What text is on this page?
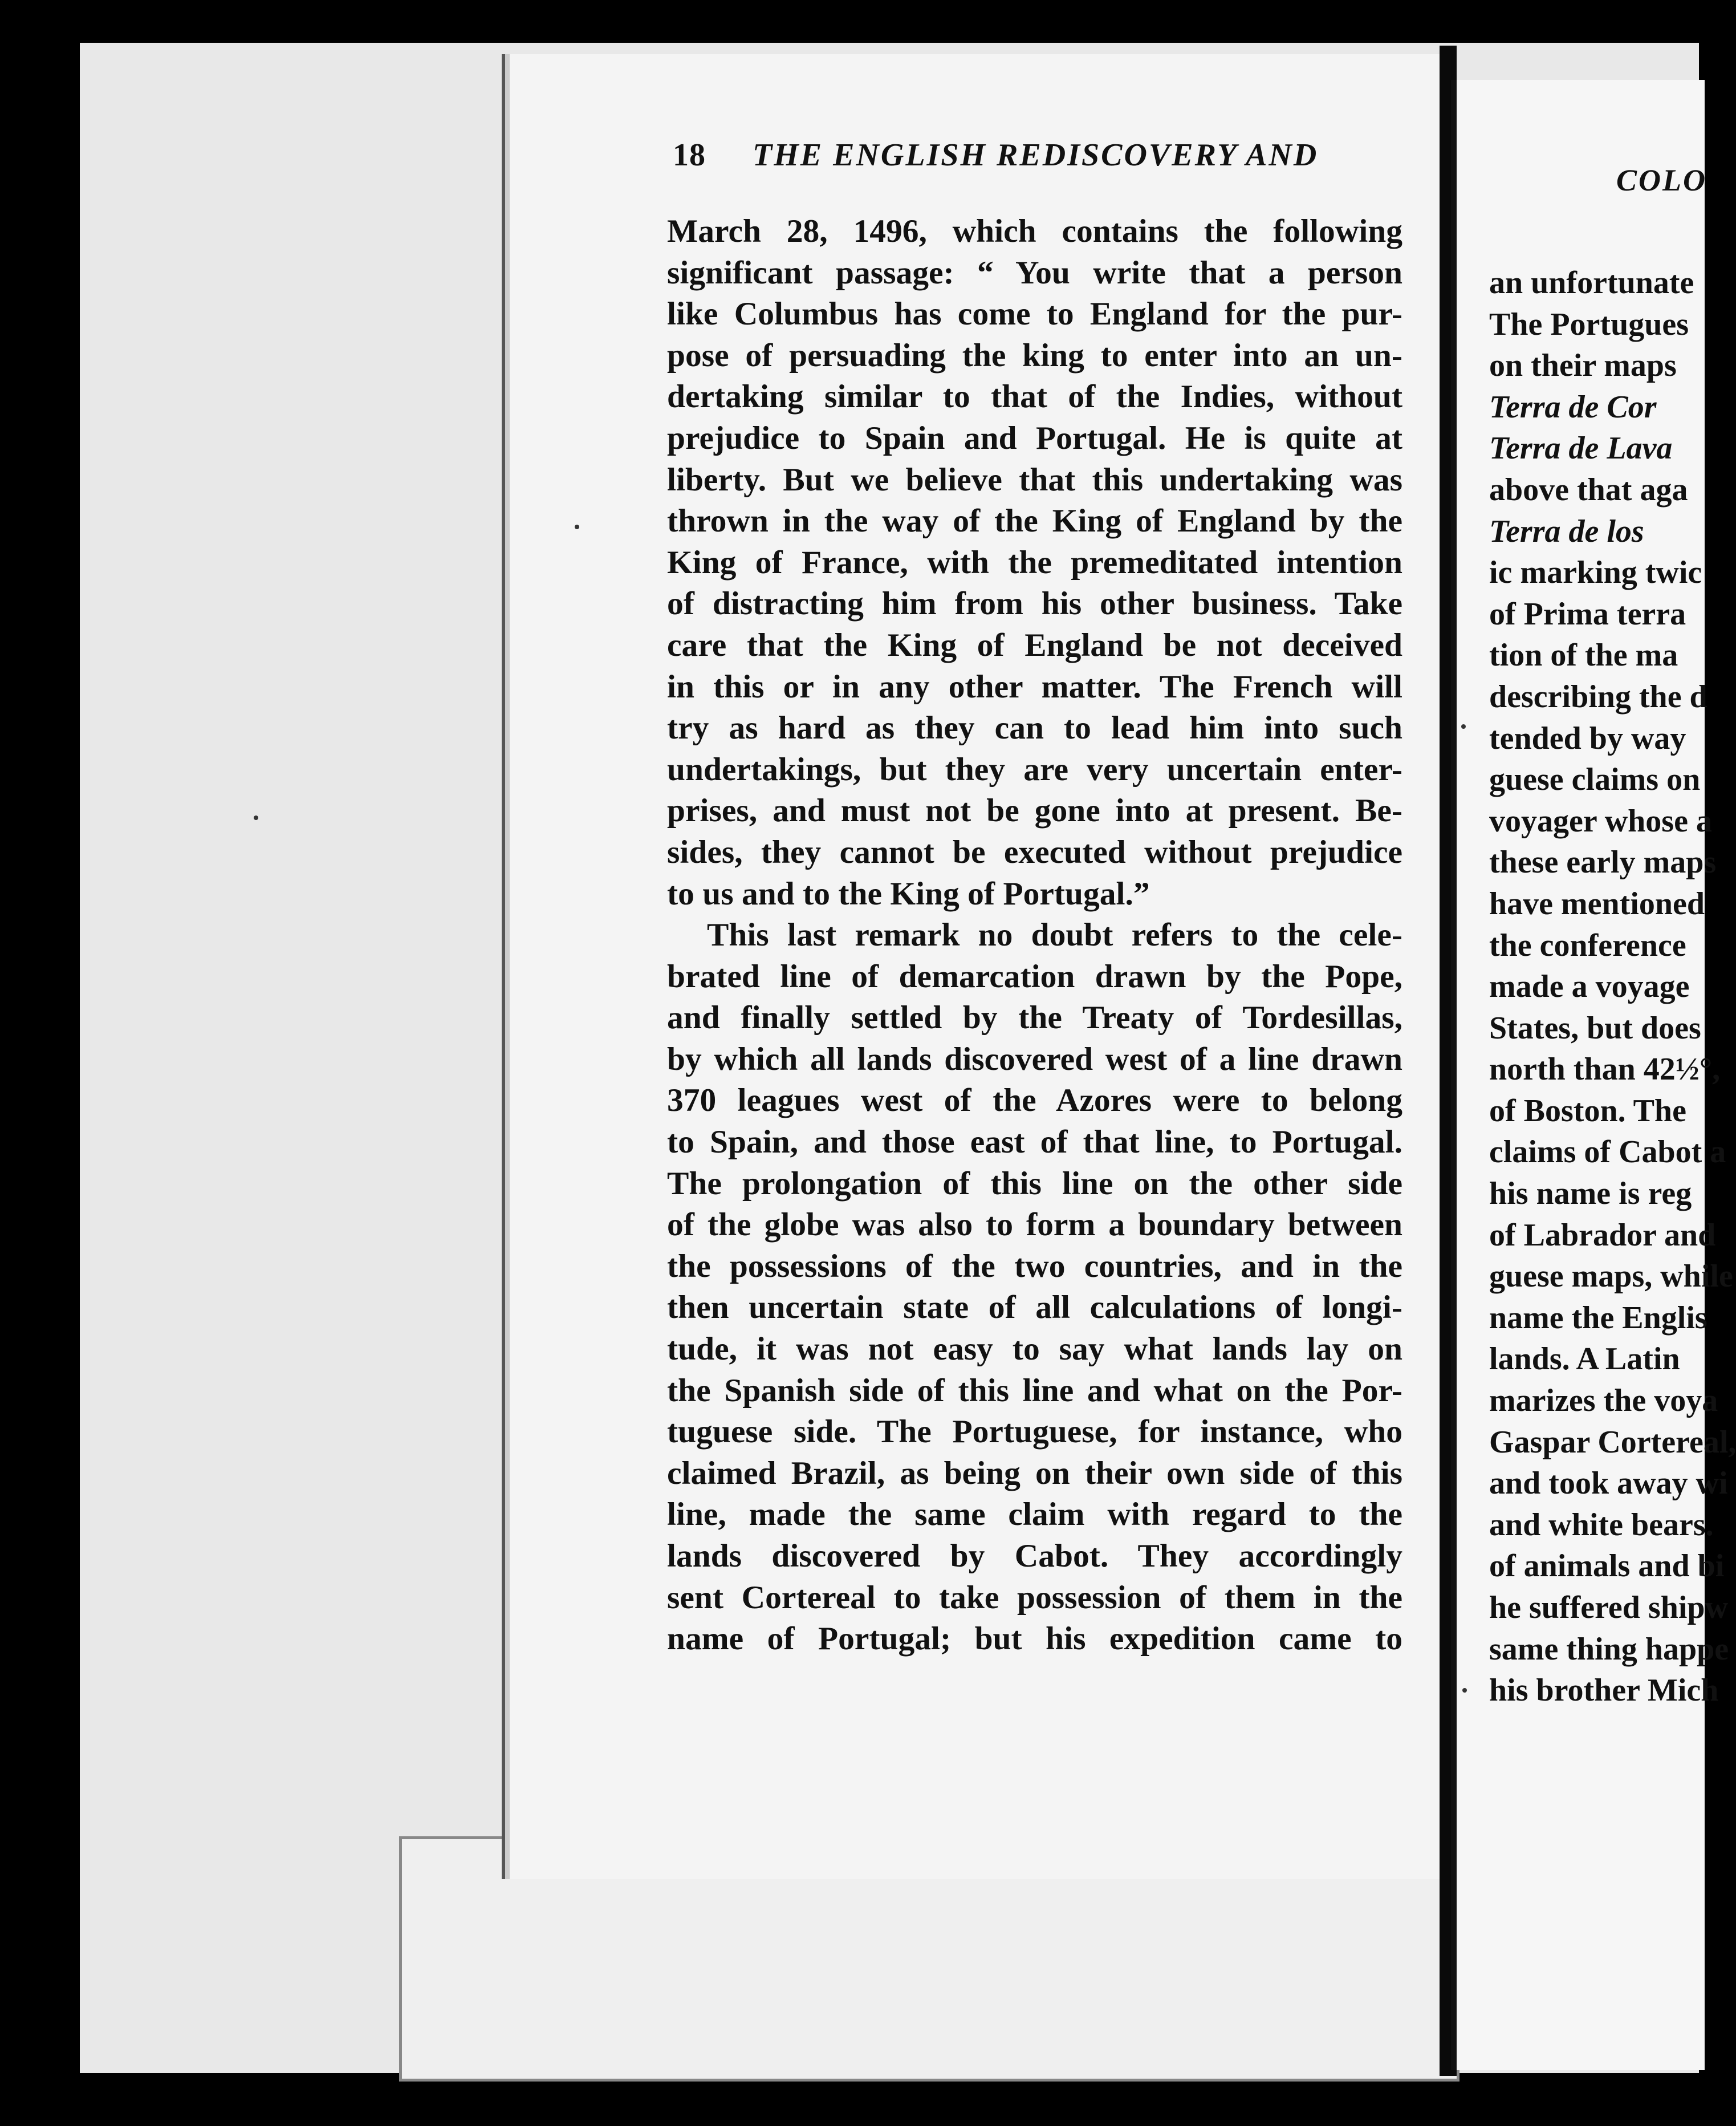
18	THE ENGLISH REDISCOVERY AND
March 28, 1496, which contains the following
significant passage: “ You write that a person
like Columbus has come to England for the pur-
pose of persuading the king to enter into an un-
dertaking similar to that of the Indies, without
prejudice to Spain and Portugal. He is quite at
liberty. But we believe that this undertaking was
thrown in the way of the King of England by the
King of France, with the premeditated intention
of distracting him from his other business. Take
care that the King of England be not deceived
in this or in any other matter. The French will
try as hard as they can to lead him into such
undertakings, but they are very uncertain enter-
prises, and must not be gone into at present. Be-
sides, they cannot be executed without prejudice
to us and to the King of Portugal.”
This last remark no doubt refers to the cele-
brated line of demarcation drawn by the Pope,
and finally settled by the Treaty of Tordesillas,
by which all lands discovered west of a line drawn
370 leagues west of the Azores were to belong
to Spain, and those east of that line, to Portugal.
The prolongation of this line on the other side
of the globe was also to form a boundary between
the possessions of the two countries, and in the
then uncertain state of all calculations of longi-
tude, it was not easy to say what lands lay on
the Spanish side of this line and what on the Por-
tuguese side. The Portuguese, for instance, who
claimed Brazil, as being on their own side of this
line, made the same claim with regard to the
lands discovered by Cabot. They accordingly
sent Cortereal to take possession of them in the
name of Portugal; but his expedition came to
COLO
an unfortunate
The Portugues
on their maps
Terra de Cor
Terra de Lava
above that aga
Terra de los
ic marking twic
of Prima terra
tion of the ma
describing the d
tended by way
guese claims on
voyager whose a
these early maps
have mentioned
the conference
made a voyage
States, but does
north than 42½°,
of Boston. The
claims of Cabot a
his name is reg
of Labrador and
guese maps, while
name the Englis
lands. A Latin
marizes the voya
Gaspar Cortereal,
and took away wi
and white bears.
of animals and bi
he suffered shipw
same thing happe
his brother Mich
